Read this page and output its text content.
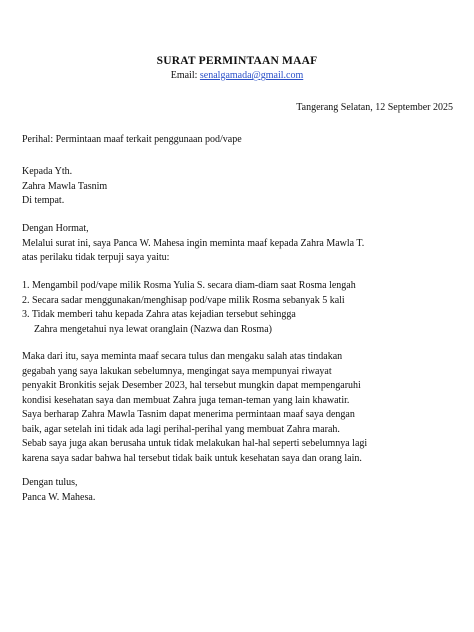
SURAT PERMINTAAN MAAF
Email: senalgamada@gmail.com
Tangerang Selatan, 12 September 2025

Perihal: Permintaan maaf terkait penggunaan pod/vape

Kepada Yth.

Zahra Mawla Tasnim

Di tempat.

Dengan Hormat,

Melalui surat ini, saya Panca W. Mahesa ingin meminta maaf kepada Zahra Mawla T.

atas perilaku tidak terpuji saya yaitu:

1. Mengambil pod/vape milik Rosma Yulia S. secara diam-diam saat Rosma lengah

2. Secara sadar menggunakan/menghisap pod/vape milik Rosma sebanyak 5 kali

3. Tidak memberi tahu kepada Zahra atas kejadian tersebut sehingga

Zahra mengetahui nya lewat oranglain (Nazwa dan Rosma)

Maka dari itu, saya meminta maaf secara tulus dan mengaku salah atas tindakan

gegabah yang saya lakukan sebelumnya, mengingat saya mempunyai riwayat

penyakit Bronkitis sejak Desember 2023, hal tersebut mungkin dapat mempengaruhi

kondisi kesehatan saya dan membuat Zahra juga teman-teman yang lain khawatir.

Saya berharap Zahra Mawla Tasnim dapat menerima permintaan maaf saya dengan

baik, agar setelah ini tidak ada lagi perihal-perihal yang membuat Zahra marah.

Sebab saya juga akan berusaha untuk tidak melakukan hal-hal seperti sebelumnya lagi

karena saya sadar bahwa hal tersebut tidak baik untuk kesehatan saya dan orang lain.

Dengan tulus,

Panca W. Mahesa.
